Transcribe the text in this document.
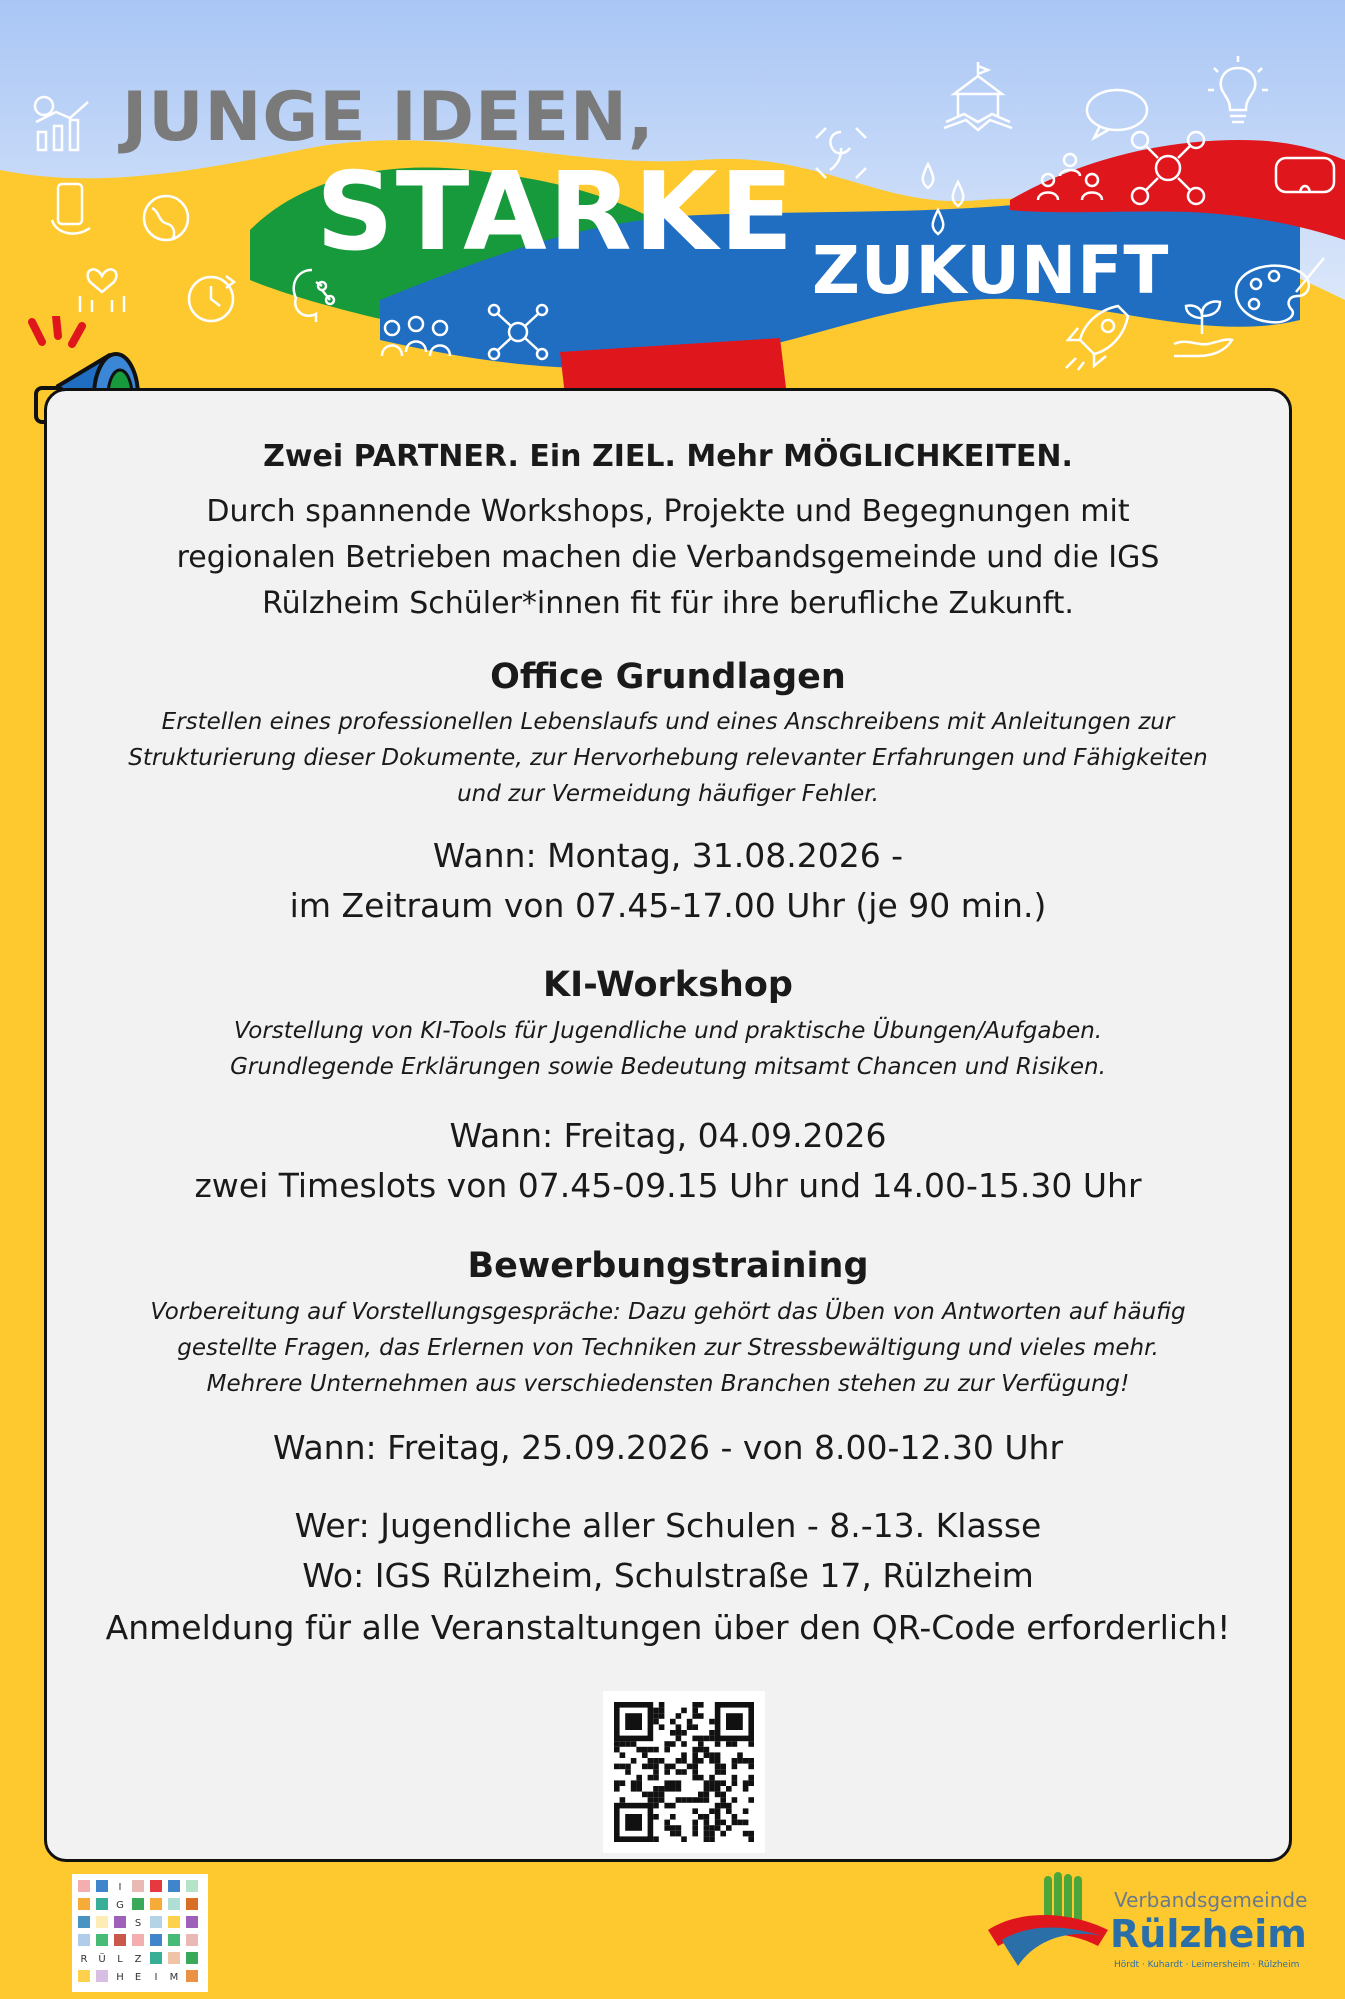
JUNGE IDEEN,
STARKE ZUKUNFT

Zwei PARTNER. Ein ZIEL. Mehr MÖGLICHKEITEN.

Durch spannende Workshops, Projekte und Begegnungen mit
regionalen Betrieben machen die Verbandsgemeinde und die IGS
Rülzheim Schüler*innen fit für ihre berufliche Zukunft.

Office Grundlagen

Erstellen eines professionellen Lebenslaufs und eines Anschreibens mit Anleitungen zur
Strukturierung dieser Dokumente, zur Hervorhebung relevanter Erfahrungen und Fähigkeiten
und zur Vermeidung häufiger Fehler.
Wann: Montag, 31.08.2026 -
im Zeitraum von 07.45-17.00 Uhr (je 90 min.)

KI-Workshop

Vorstellung von KI-Tools für Jugendliche und praktische Übungen/Aufgaben.
Grundlegende Erklärungen sowie Bedeutung mitsamt Chancen und Risiken.
Wann: Freitag, 04.09.2026
zwei Timeslots von 07.45-09.15 Uhr und 14.00-15.30 Uhr

Bewerbungstraining

Vorbereitung auf Vorstellungsgespräche: Dazu gehört das Üben von Antworten auf häufig
gestellte Fragen, das Erlernen von Techniken zur Stressbewältigung und vieles mehr.
Mehrere Unternehmen aus verschiedensten Branchen stehen zu zur Verfügung!
Wann: Freitag, 25.09.2026 - von 8.00-12.30 Uhr
Wer: Jugendliche aller Schulen - 8.-13. Klasse
Wo: IGS Rülzheim, Schulstraße 17, Rülzheim

Anmeldung für alle Veranstaltungen über den QR-Code erforderlich!

I
G
S
R Ü L Z
H E I M

Verbandsgemeinde

Rülzheim

Hördt · Kuhardt · Leimersheim · Rülzheim
